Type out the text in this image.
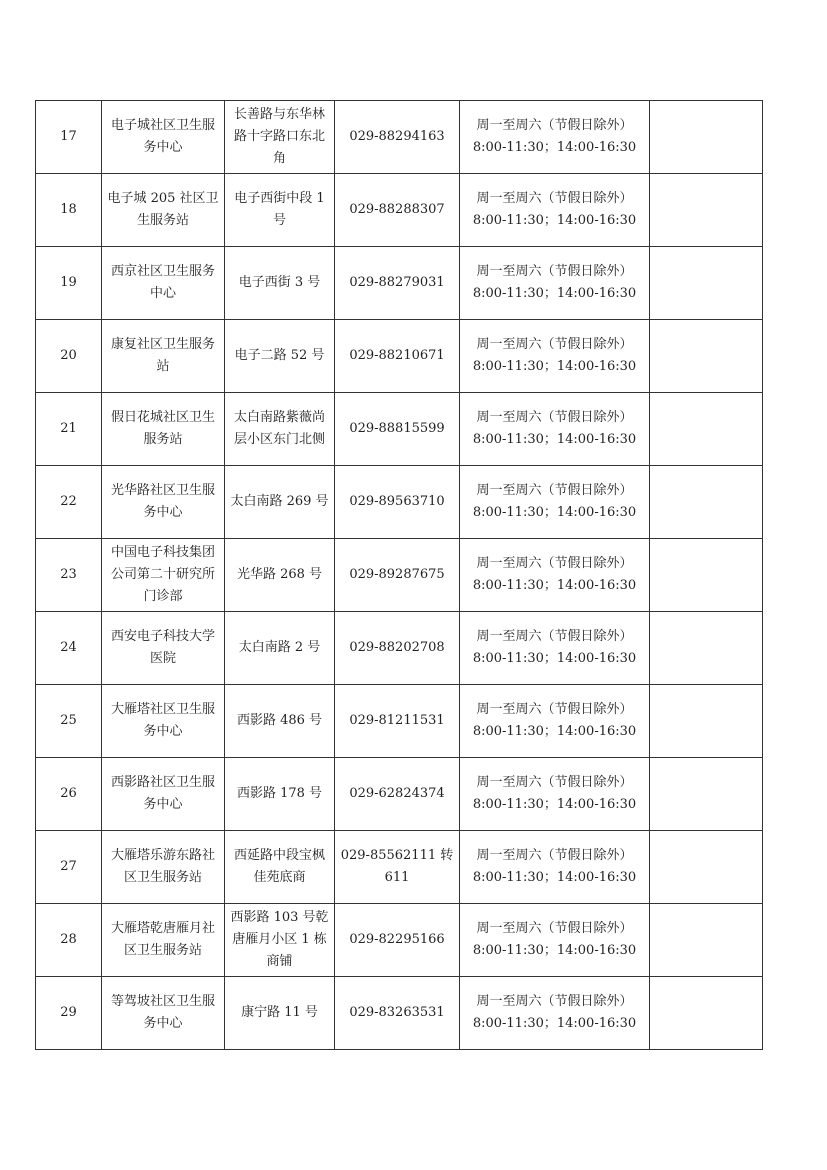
17	电子城社区卫生服务中心	长善路与东华林路十字路口东北角	029-88294163	周一至周六（节假日除外）
8:00-11:30；14:00-16:30	

18	电子城 205 社区卫生服务站	电子西街中段 1 号	029-88288307	周一至周六（节假日除外）
8:00-11:30；14:00-16:30	

19	西京社区卫生服务中心	电子西街 3 号	029-88279031	周一至周六（节假日除外）
8:00-11:30；14:00-16:30	

20	康复社区卫生服务站	电子二路 52 号	029-88210671	周一至周六（节假日除外）
8:00-11:30；14:00-16:30	

21	假日花城社区卫生服务站	太白南路紫薇尚层小区东门北侧	029-88815599	周一至周六（节假日除外）
8:00-11:30；14:00-16:30	

22	光华路社区卫生服务中心	太白南路 269 号	029-89563710	周一至周六（节假日除外）
8:00-11:30；14:00-16:30	

23	中国电子科技集团公司第二十研究所门诊部	光华路 268 号	029-89287675	周一至周六（节假日除外）
8:00-11:30；14:00-16:30	

24	西安电子科技大学医院	太白南路 2 号	029-88202708	周一至周六（节假日除外）
8:00-11:30；14:00-16:30	

25	大雁塔社区卫生服务中心	西影路 486 号	029-81211531	周一至周六（节假日除外）
8:00-11:30；14:00-16:30	

26	西影路社区卫生服务中心	西影路 178 号	029-62824374	周一至周六（节假日除外）
8:00-11:30；14:00-16:30	

27	大雁塔乐游东路社区卫生服务站	西延路中段宝枫佳苑底商	029-85562111 转 611	周一至周六（节假日除外）
8:00-11:30；14:00-16:30	

28	大雁塔乾唐雁月社区卫生服务站	西影路 103 号乾唐雁月小区 1 栋商铺	029-82295166	周一至周六（节假日除外）
8:00-11:30；14:00-16:30	

29	等驾坡社区卫生服务中心	康宁路 11 号	029-83263531	周一至周六（节假日除外）
8:00-11:30；14:00-16:30	
